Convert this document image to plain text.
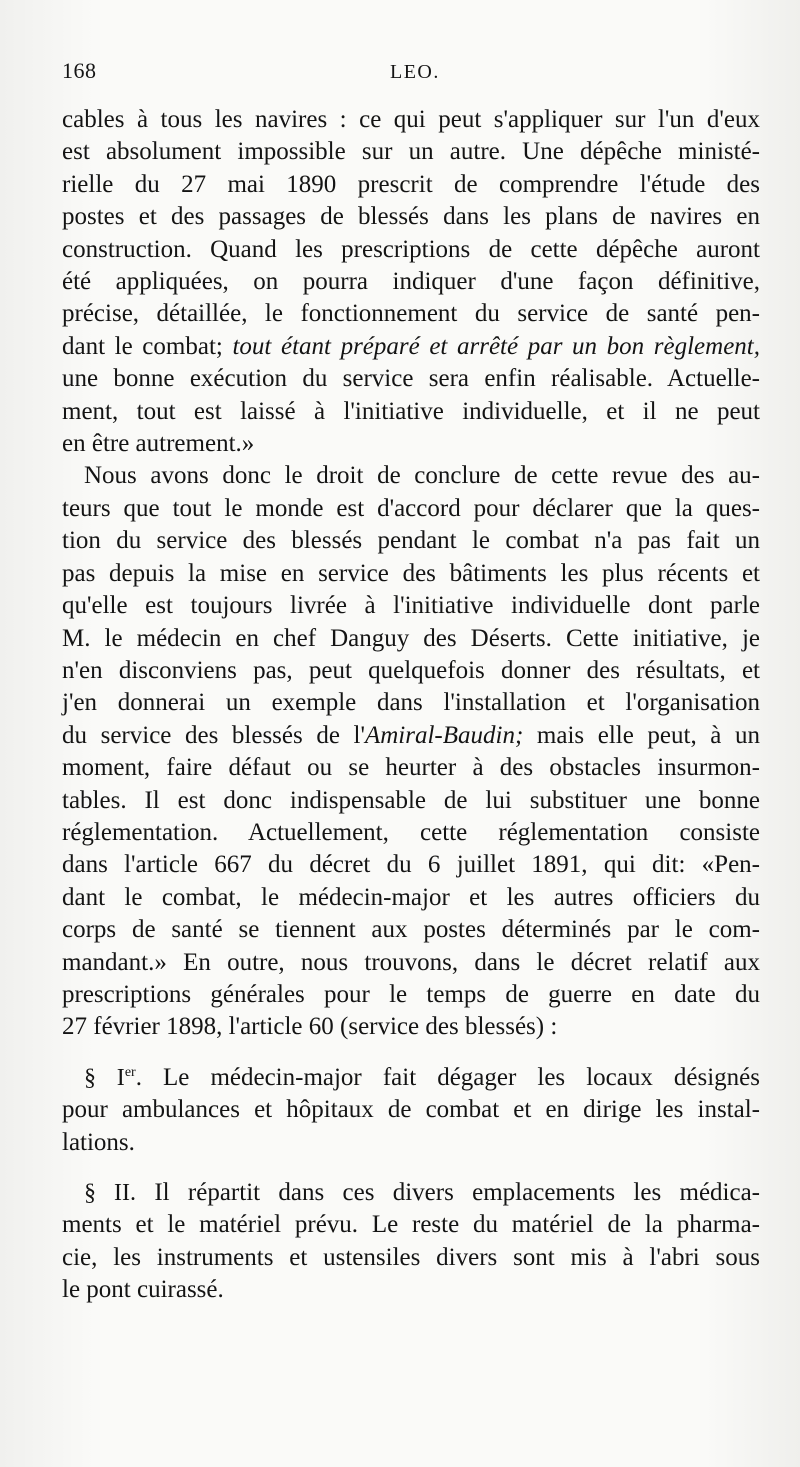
168	LEO.

cables à tous les navires : ce qui peut s'appliquer sur l'un d'eux
est absolument impossible sur un autre. Une dépêche ministé-
rielle du 27 mai 1890 prescrit de comprendre l'étude des
postes et des passages de blessés dans les plans de navires en
construction. Quand les prescriptions de cette dépêche auront
été appliquées, on pourra indiquer d'une façon définitive,
précise, détaillée, le fonctionnement du service de santé pen-
dant le combat; tout étant préparé et arrêté par un bon règlement,
une bonne exécution du service sera enfin réalisable. Actuelle-
ment, tout est laissé à l'initiative individuelle, et il ne peut
en être autrement.»

Nous avons donc le droit de conclure de cette revue des au-
teurs que tout le monde est d'accord pour déclarer que la ques-
tion du service des blessés pendant le combat n'a pas fait un
pas depuis la mise en service des bâtiments les plus récents et
qu'elle est toujours livrée à l'initiative individuelle dont parle
M. le médecin en chef Danguy des Déserts. Cette initiative, je
n'en disconviens pas, peut quelquefois donner des résultats, et
j'en donnerai un exemple dans l'installation et l'organisation
du service des blessés de l'Amiral-Baudin; mais elle peut, à un
moment, faire défaut ou se heurter à des obstacles insurmon-
tables. Il est donc indispensable de lui substituer une bonne
réglementation. Actuellement, cette réglementation consiste
dans l'article 667 du décret du 6 juillet 1891, qui dit: «Pen-
dant le combat, le médecin-major et les autres officiers du
corps de santé se tiennent aux postes déterminés par le com-
mandant.» En outre, nous trouvons, dans le décret relatif aux
prescriptions générales pour le temps de guerre en date du
27 février 1898, l'article 60 (service des blessés) :

§ Ier. Le médecin-major fait dégager les locaux désignés
pour ambulances et hôpitaux de combat et en dirige les instal-
lations.

§ II. Il répartit dans ces divers emplacements les médica-
ments et le matériel prévu. Le reste du matériel de la pharma-
cie, les instruments et ustensiles divers sont mis à l'abri sous
le pont cuirassé.
